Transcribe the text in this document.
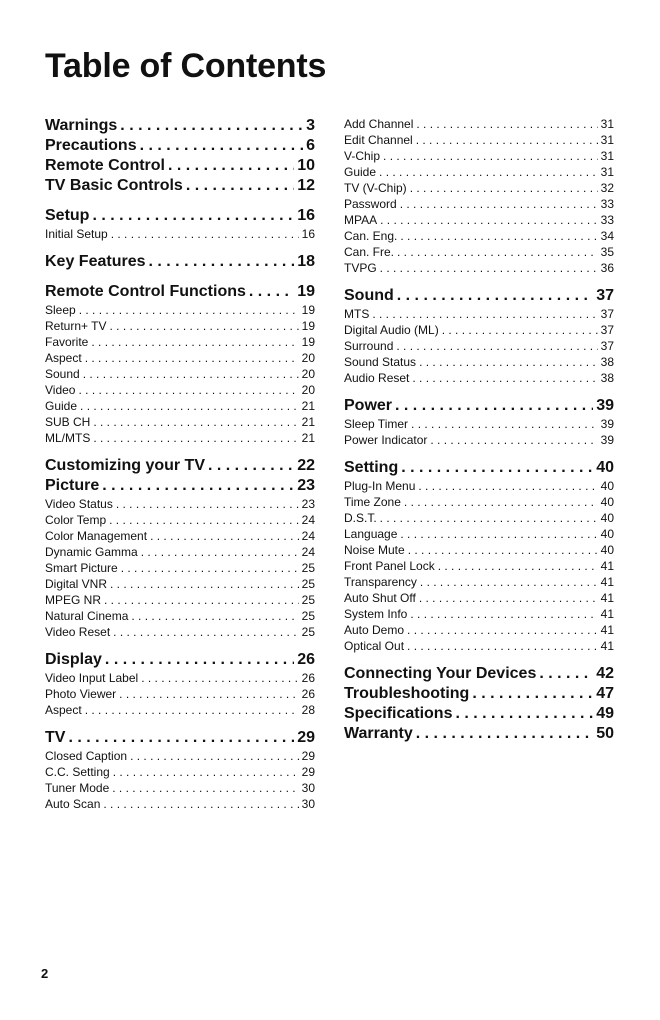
Table of Contents
Warnings . . .	3
Precautions . . .	6
Remote Control . . .	10
TV Basic Controls . . .	12
Setup . . .	16
Initial Setup . . .	16
Key Features . . .	18
Remote Control Functions . . .	19
Sleep . . .	19
Return+ TV . . .	19
Favorite . . .	19
Aspect . . .	20
Sound . . .	20
Video . . .	20
Guide . . .	21
SUB CH . . .	21
ML/MTS . . .	21
Customizing your TV . . .	22
Picture . . .	23
Video Status . . .	23
Color Temp . . .	24
Color Management . . .	24
Dynamic Gamma . . .	24
Smart Picture . . .	25
Digital VNR . . .	25
MPEG NR . . .	25
Natural Cinema . . .	25
Video Reset . . .	25
Display . . .	26
Video Input Label . . .	26
Photo Viewer . . .	26
Aspect . . .	28
TV . . .	29
Closed Caption . . .	29
C.C. Setting . . .	29
Tuner Mode . . .	30
Auto Scan . . .	30
Add Channel . . .	31
Edit Channel . . .	31
V-Chip . . .	31
Guide . . .	31
TV (V-Chip) . . .	32
Password . . .	33
MPAA . . .	33
Can. Eng. . . .	34
Can. Fre. . . .	35
TVPG . . .	36
Sound . . .	37
MTS . . .	37
Digital Audio (ML) . . .	37
Surround . . .	37
Sound Status . . .	38
Audio Reset . . .	38
Power . . .	39
Sleep Timer . . .	39
Power Indicator . . .	39
Setting . . .	40
Plug-In Menu . . .	40
Time Zone . . .	40
D.S.T. . . .	40
Language . . .	40
Noise Mute . . .	40
Front Panel Lock . . .	41
Transparency . . .	41
Auto Shut Off . . .	41
System Info . . .	41
Auto Demo . . .	41
Optical Out . . .	41
Connecting Your Devices . . .	42
Troubleshooting . . .	47
Specifications . . .	49
Warranty . . .	50
2
